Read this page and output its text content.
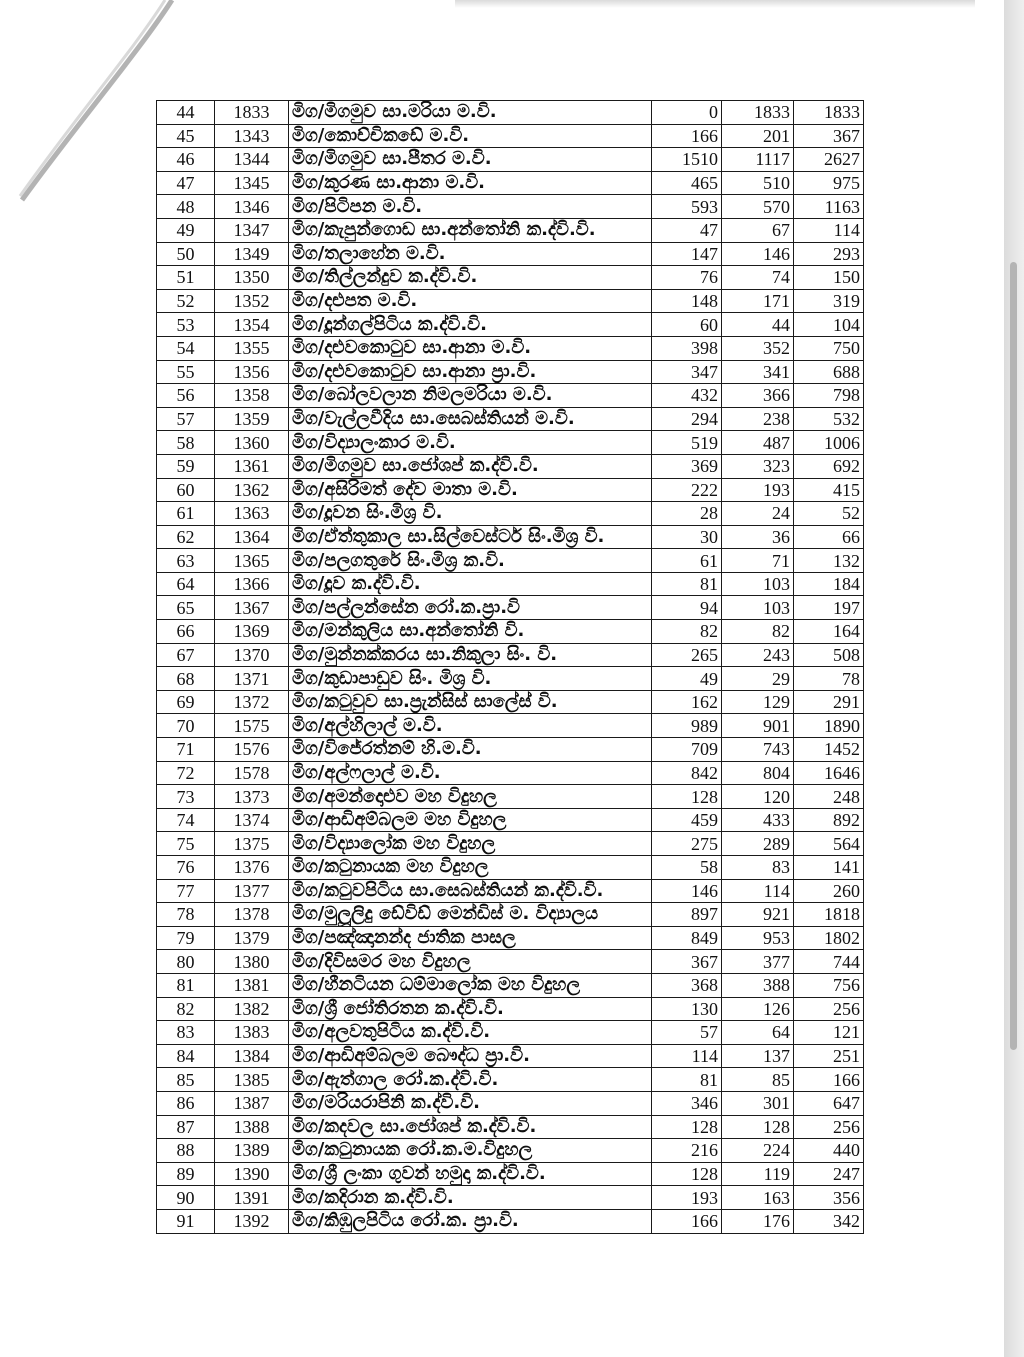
44	1833	මිග/මිගමුව සා.මරියා ම.වි.	0	1833	1833
45	1343	මිග/කොච්චිකඩේ ම.වි.	166	201	367
46	1344	මිග/මිගමුව සා.පීතර ම.වි.	1510	1117	2627
47	1345	මිග/කුරණ සා.ආනා ම.වි.	465	510	975
48	1346	මිග/පිටිපන ම.වි.	593	570	1163
49	1347	මිග/කැපුන්ගොඩ සා.අන්තෝනි ක.ද්වි.වි.	47	67	114
50	1349	මිග/තලාහේන ම.වි.	147	146	293
51	1350	මිග/තිල්ලන්දුව ක.ද්වි.වි.	76	74	150
52	1352	මිග/දළුපත ම.වි.	148	171	319
53	1354	මිග/දූන්ගල්පිටිය ක.ද්වි.වි.	60	44	104
54	1355	මිග/දළුවකොටුව සා.ආනා ම.වි.	398	352	750
55	1356	මිග/දළුවකොටුව සා.ආනා ප්‍රා.වි.	347	341	688
56	1358	මිග/බෝලවලාන නිමලමරියා ම.වි.	432	366	798
57	1359	මිග/වැල්ලවීදිය සා.සෙබස්තියන් ම.වි.	294	238	532
58	1360	මිග/විද්‍යාලංකාර ම.වි.	519	487	1006
59	1361	මිග/මිගමුව සා.ජෝශප් ක.ද්වි.වි.	369	323	692
60	1362	මිග/අසිරිමත් දේව මාතා ම.වි.	222	193	415
61	1363	මිග/දූවන සිං.මිශ්‍ර වි.	28	24	52
62	1364	මිග/ඒත්තුකාල සා.සිල්වෙස්ටර් සිං.මිශ්‍ර වි.	30	36	66
63	1365	මිග/පලගතුරේ සිං.මිශ්‍ර ක.වි.	61	71	132
64	1366	මිග/දූව ක.ද්වි.වි.	81	103	184
65	1367	මිග/පල්ලන්සේන රෝ.ක.ප්‍රා.වි	94	103	197
66	1369	මිග/මන්කුලිය සා.අන්තෝනි වි.	82	82	164
67	1370	මිග/මුන්නක්කරය සා.නිකුලා සිං. වි.	265	243	508
68	1371	මිග/කුඩාපාඩුව සිං. මිශ්‍ර වි.	49	29	78
69	1372	මිග/කටුවුව සා.ප්‍රැන්සිස් සාලේස් වි.	162	129	291
70	1575	මිග/අල්හිලාල් ම.වි.	989	901	1890
71	1576	මිග/විජේරත්නම් හි.ම.වි.	709	743	1452
72	1578	මිග/අල්ෆලාල් ම.වි.	842	804	1646
73	1373	මිග/අමන්දොළුව මහ විදුහල	128	120	248
74	1374	මිග/ආඩිඅම්බලම මහ විදුහල	459	433	892
75	1375	මිග/විද්‍යාලෝක මහ විදුහල	275	289	564
76	1376	මිග/කටුනායක මහ විදුහල	58	83	141
77	1377	මිග/කටුවපිටිය සා.සෙබස්තියන් ක.ද්වි.වි.	146	114	260
78	1378	මිග/මුලූලිදු ඩේවිඩ් මෙන්ඩිස් ම. විද්‍යාලය	897	921	1818
79	1379	මිග/පඤ්ඤානන්ද ජාතික පාසල	849	953	1802
80	1380	මිග/දිවිසමර මහ විදුහල	367	377	744
81	1381	මිග/හීනටියන ධම්මාලෝක මහ විදුහල	368	388	756
82	1382	මිග/ශ්‍රී ජෝතිරතන ක.ද්වි.වි.	130	126	256
83	1383	මිග/අලවතුපිටිය ක.ද්වි.වි.	57	64	121
84	1384	මිග/ආඩිඅම්බලම බෞද්ධ ප්‍රා.වි.	114	137	251
85	1385	මිග/ඇත්ගාල රෝ.ක.ද්වි.වි.	81	85	166
86	1387	මිග/මරියරාපිනි ක.ද්වි.වි.	346	301	647
87	1388	මිග/කදවල සා.ජෝශප් ක.ද්වි.වි.	128	128	256
88	1389	මිග/කටුනායක රෝ.ක.ම.විදුහල	216	224	440
89	1390	මිග/ශ්‍රී ලංකා ගුවන් හමුදා ක.ද්වි.වි.	128	119	247
90	1391	මිග/කදිරාන ක.ද්වි.වි.	193	163	356
91	1392	මිග/කිඹුලපිටිය රෝ.ක. ප්‍රා.වි.	166	176	342
